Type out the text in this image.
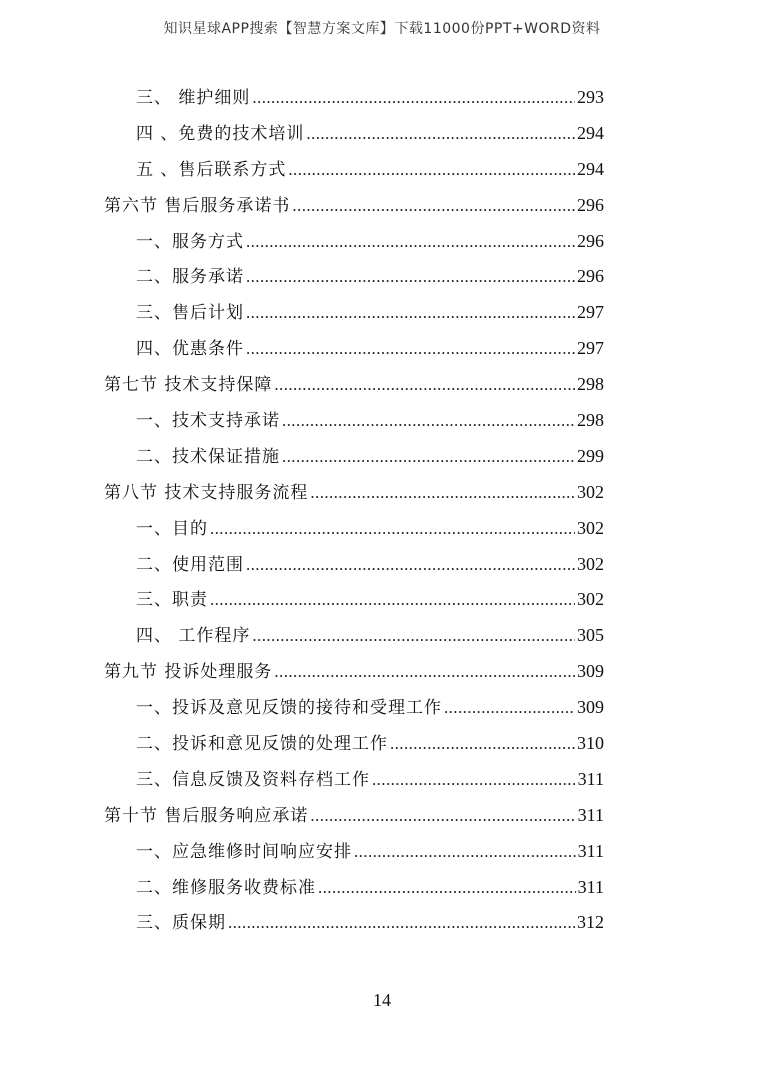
知识星球APP搜索【智慧方案文库】下载11000份PPT+WORD资料
三、 维护细则 .....	293
四 、免费的技术培训 .....	294
五 、售后联系方式 .....	294
第六节 售后服务承诺书 .....	296
一、服务方式 .....	296
二、服务承诺 .....	296
三、售后计划 .....	297
四、优惠条件 .....	297
第七节 技术支持保障 .....	298
一、技术支持承诺 .....	298
二、技术保证措施 .....	299
第八节 技术支持服务流程 .....	302
一、目的 .....	302
二、使用范围 .....	302
三、职责 .....	302
四、 工作程序 .....	305
第九节 投诉处理服务 .....	309
一、投诉及意见反馈的接待和受理工作 .....	309
二、投诉和意见反馈的处理工作 .....	310
三、信息反馈及资料存档工作 .....	311
第十节 售后服务响应承诺 .....	311
一、应急维修时间响应安排 .....	311
二、维修服务收费标准 .....	311
三、质保期 .....	312
14
